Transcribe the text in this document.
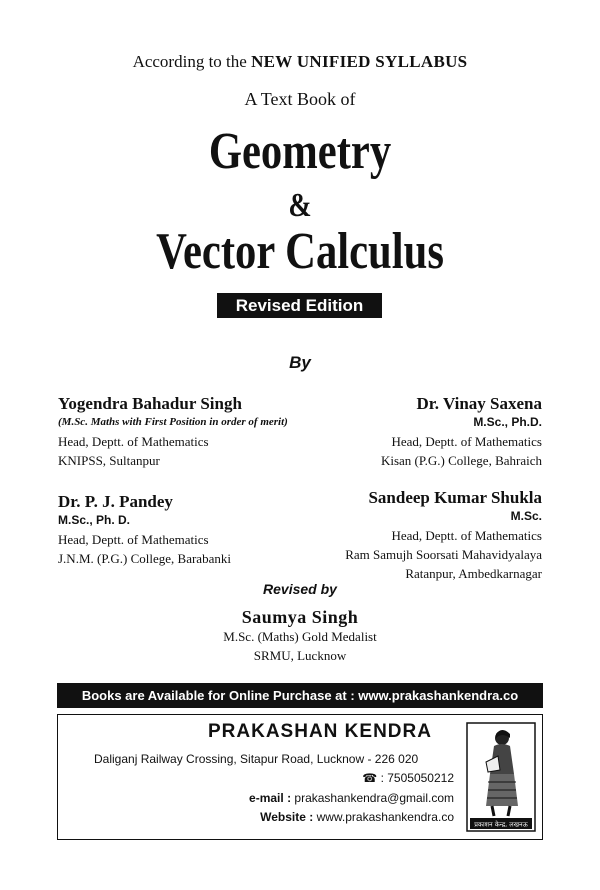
According to the NEW UNIFIED SYLLABUS
A Text Book of
Geometry
&
Vector Calculus
Revised Edition
By
Yogendra Bahadur Singh
(M.Sc. Maths with First Position in order of merit)
Head, Deptt. of Mathematics
KNIPSS, Sultanpur
Dr. Vinay Saxena
M.Sc., Ph.D.
Head, Deptt. of Mathematics
Kisan (P.G.) College, Bahraich
Dr. P. J. Pandey
M.Sc., Ph. D.
Head, Deptt. of Mathematics
J.N.M. (P.G.) College, Barabanki
Sandeep Kumar Shukla
M.Sc.
Head, Deptt. of Mathematics
Ram Samujh Soorsati Mahavidyalaya
Ratanpur, Ambedkarnagar
Revised by
Saumya Singh
M.Sc. (Maths) Gold Medalist
SRMU, Lucknow
Books are Available for Online Purchase at : www.prakashankendra.co
PRAKASHAN KENDRA
Daliganj Railway Crossing, Sitapur Road, Lucknow - 226 020
☎ : 7505050212
e-mail : prakashankendra@gmail.com
Website : www.prakashankendra.co
प्रकाशन केन्द्र, लखनऊ
